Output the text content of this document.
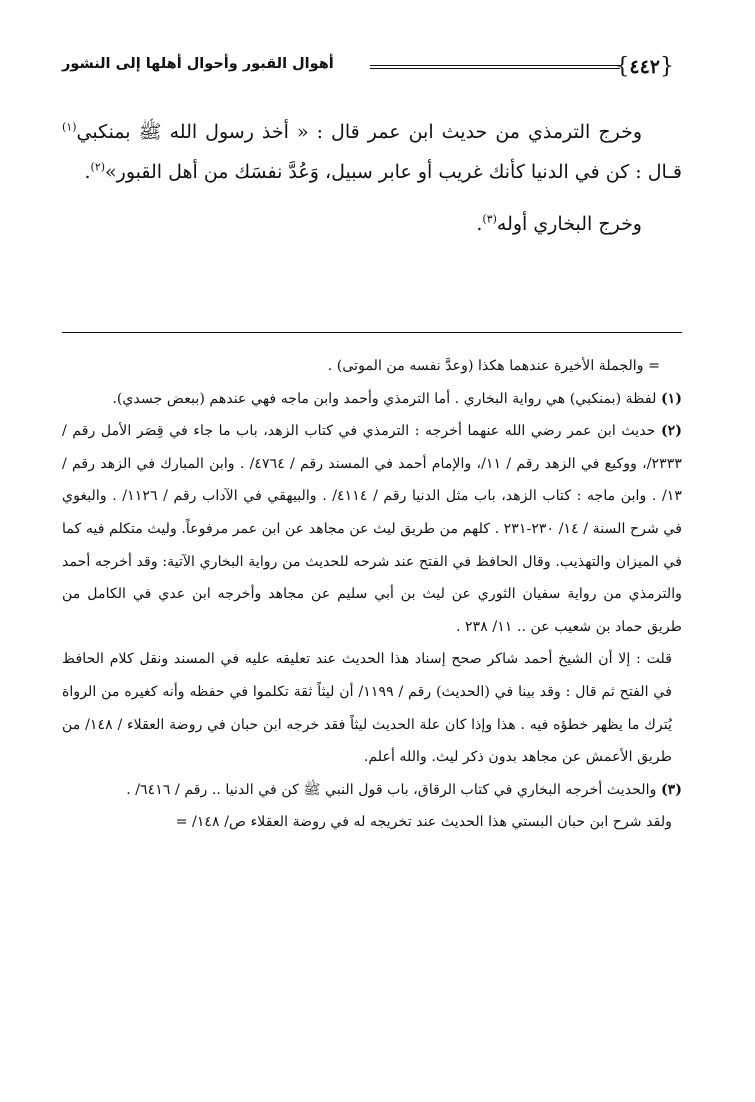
{٤٤٢}
أهوال القبور وأحوال أهلها إلى النشور

وخرج الترمذي من حديث ابن عمر قال : « أخذ رسول الله ﷺ بمنكبي$^{(١)}$ قـال : كن في الدنيا كأنك غريب أو عابر سبيل، وَعُدَّ نفسَك من أهل القبور»$^{(٢)}$.

وخرج البخاري أوله$^{(٣)}$.

= والجملة الأخيرة عندهما هكذا (وعدَّ نفسه من الموتى) .

(١) لفظة (بمنكبي) هي رواية البخاري . أما الترمذي وأحمد وابن ماجه فهي عندهم (ببعض جسدي).

(٢) حديث ابن عمر رضي الله عنهما أخرجه : الترمذي في كتاب الزهد، باب ما جاء في قِصَر الأمل رقم / ٢٣٣٣/، ووكيع في الزهد رقم / ١١/، والإمام أحمد في المسند رقم / ٤٧٦٤/ . وابن المبارك في الزهد رقم / ١٣/ . وابن ماجه : كتاب الزهد، باب مثل الدنيا رقم / ٤١١٤/ . والبيهقي في الآداب رقم / ١١٢٦/ . والبغوي في شرح السنة / ١٤/ ٢٣٠-٢٣١ . كلهم من طريق ليث عن مجاهد عن ابن عمر مرفوعاً. وليث متكلم فيه كما في الميزان والتهذيب. وقال الحافظ في الفتح عند شرحه للحديث من رواية البخاري الآتية: وقد أخرجه أحمد والترمذي من رواية سفيان الثوري عن ليث بن أبي سليم عن مجاهد وأخرجه ابن عدي في الكامل من طريق حماد بن شعيب عن .. ١١/ ٢٣٨ .

قلت : إلا أن الشيخ أحمد شاكر صحح إسناد هذا الحديث عند تعليقه عليه في المسند ونقل كلام الحافظ في الفتح ثم قال : وقد بينا في (الحديث) رقم / ١١٩٩/ أن ليثاً ثقة تكلموا في حفظه وأنه كغيره من الرواة يُترك ما يظهر خطؤه فيه . هذا وإذا كان علة الحديث ليثاً فقد خرجه ابن حبان في روضة العقلاء / ١٤٨/ من طريق الأعمش عن مجاهد بدون ذكر ليث. والله أعلم.

(٣) والحديث أخرجه البخاري في كتاب الرقاق، باب قول النبي ﷺ كن في الدنيا .. رقم / ٦٤١٦/ .

ولقد شرح ابن حبان البستي هذا الحديث عند تخريجه له في روضة العقلاء ص/ ١٤٨/ =
